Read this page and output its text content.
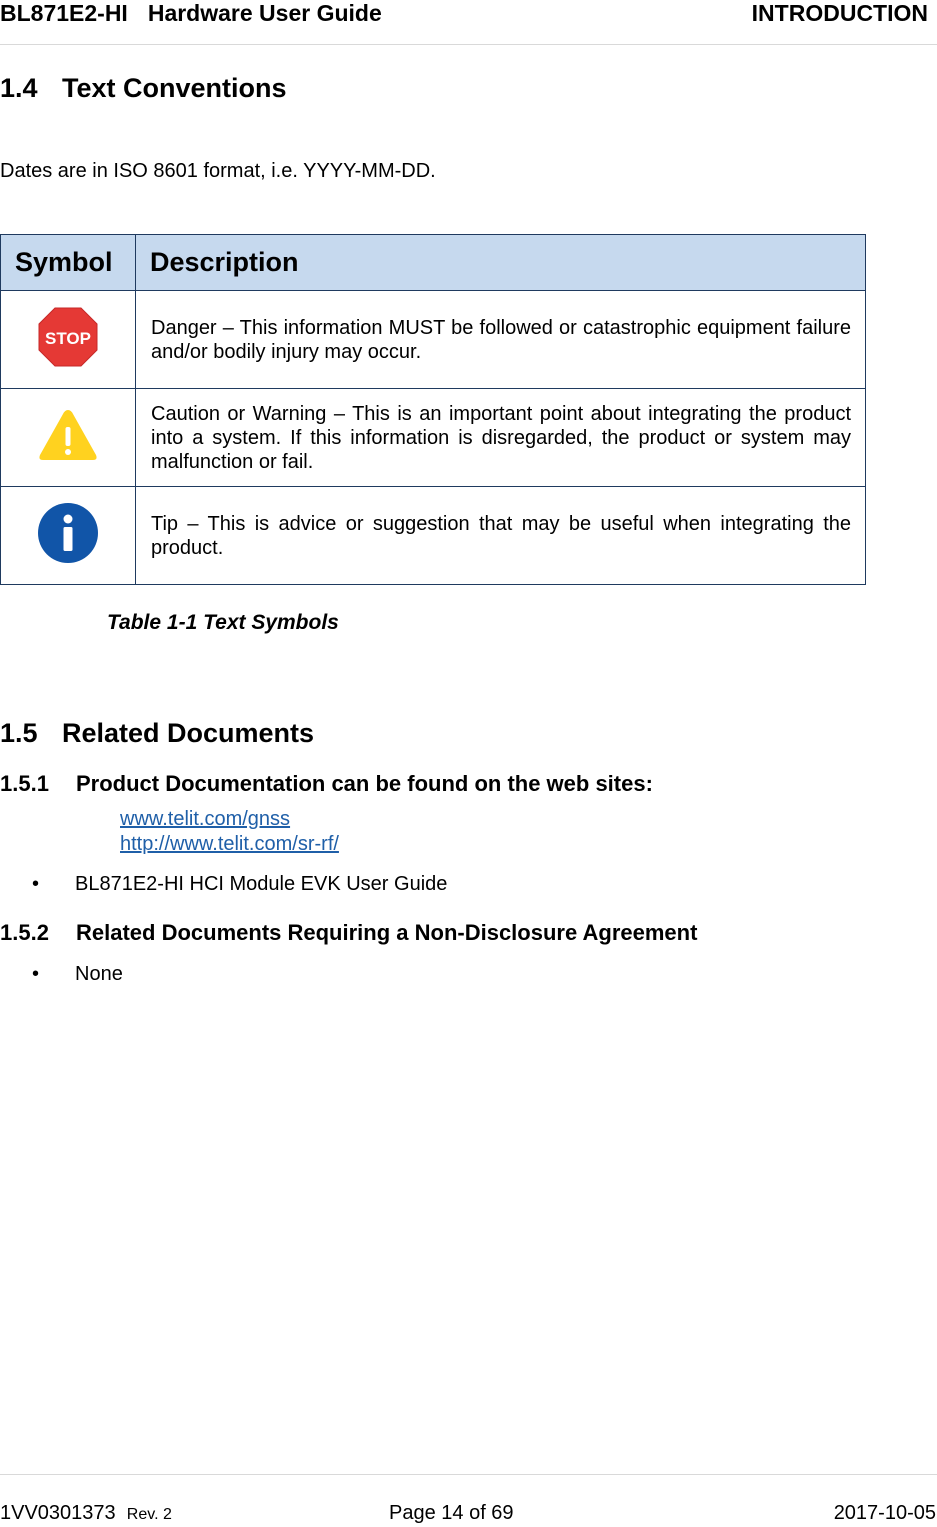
BL871E2-HI Hardware User Guide	INTRODUCTION
1.4 Text Conventions
Dates are in ISO 8601 format, i.e. YYYY-MM-DD.
Symbol	Description

STOP	Danger – This information MUST be followed or catastrophic equipment failure and/or bodily injury may occur.
	Caution or Warning – This is an important point about integrating the product into a system. If this information is disregarded, the product or system may malfunction or fail.
	Tip – This is advice or suggestion that may be useful when integrating the product.
Table 1-1 Text Symbols
1.5 Related Documents
1.5.1 Product Documentation can be found on the web sites:
www.telit.com/gnss
http://www.telit.com/sr-rf/
• BL871E2-HI HCI Module EVK User Guide
1.5.2 Related Documents Requiring a Non-Disclosure Agreement
• None
1VV0301373 Rev. 2	Page 14 of 69	2017-10-05
